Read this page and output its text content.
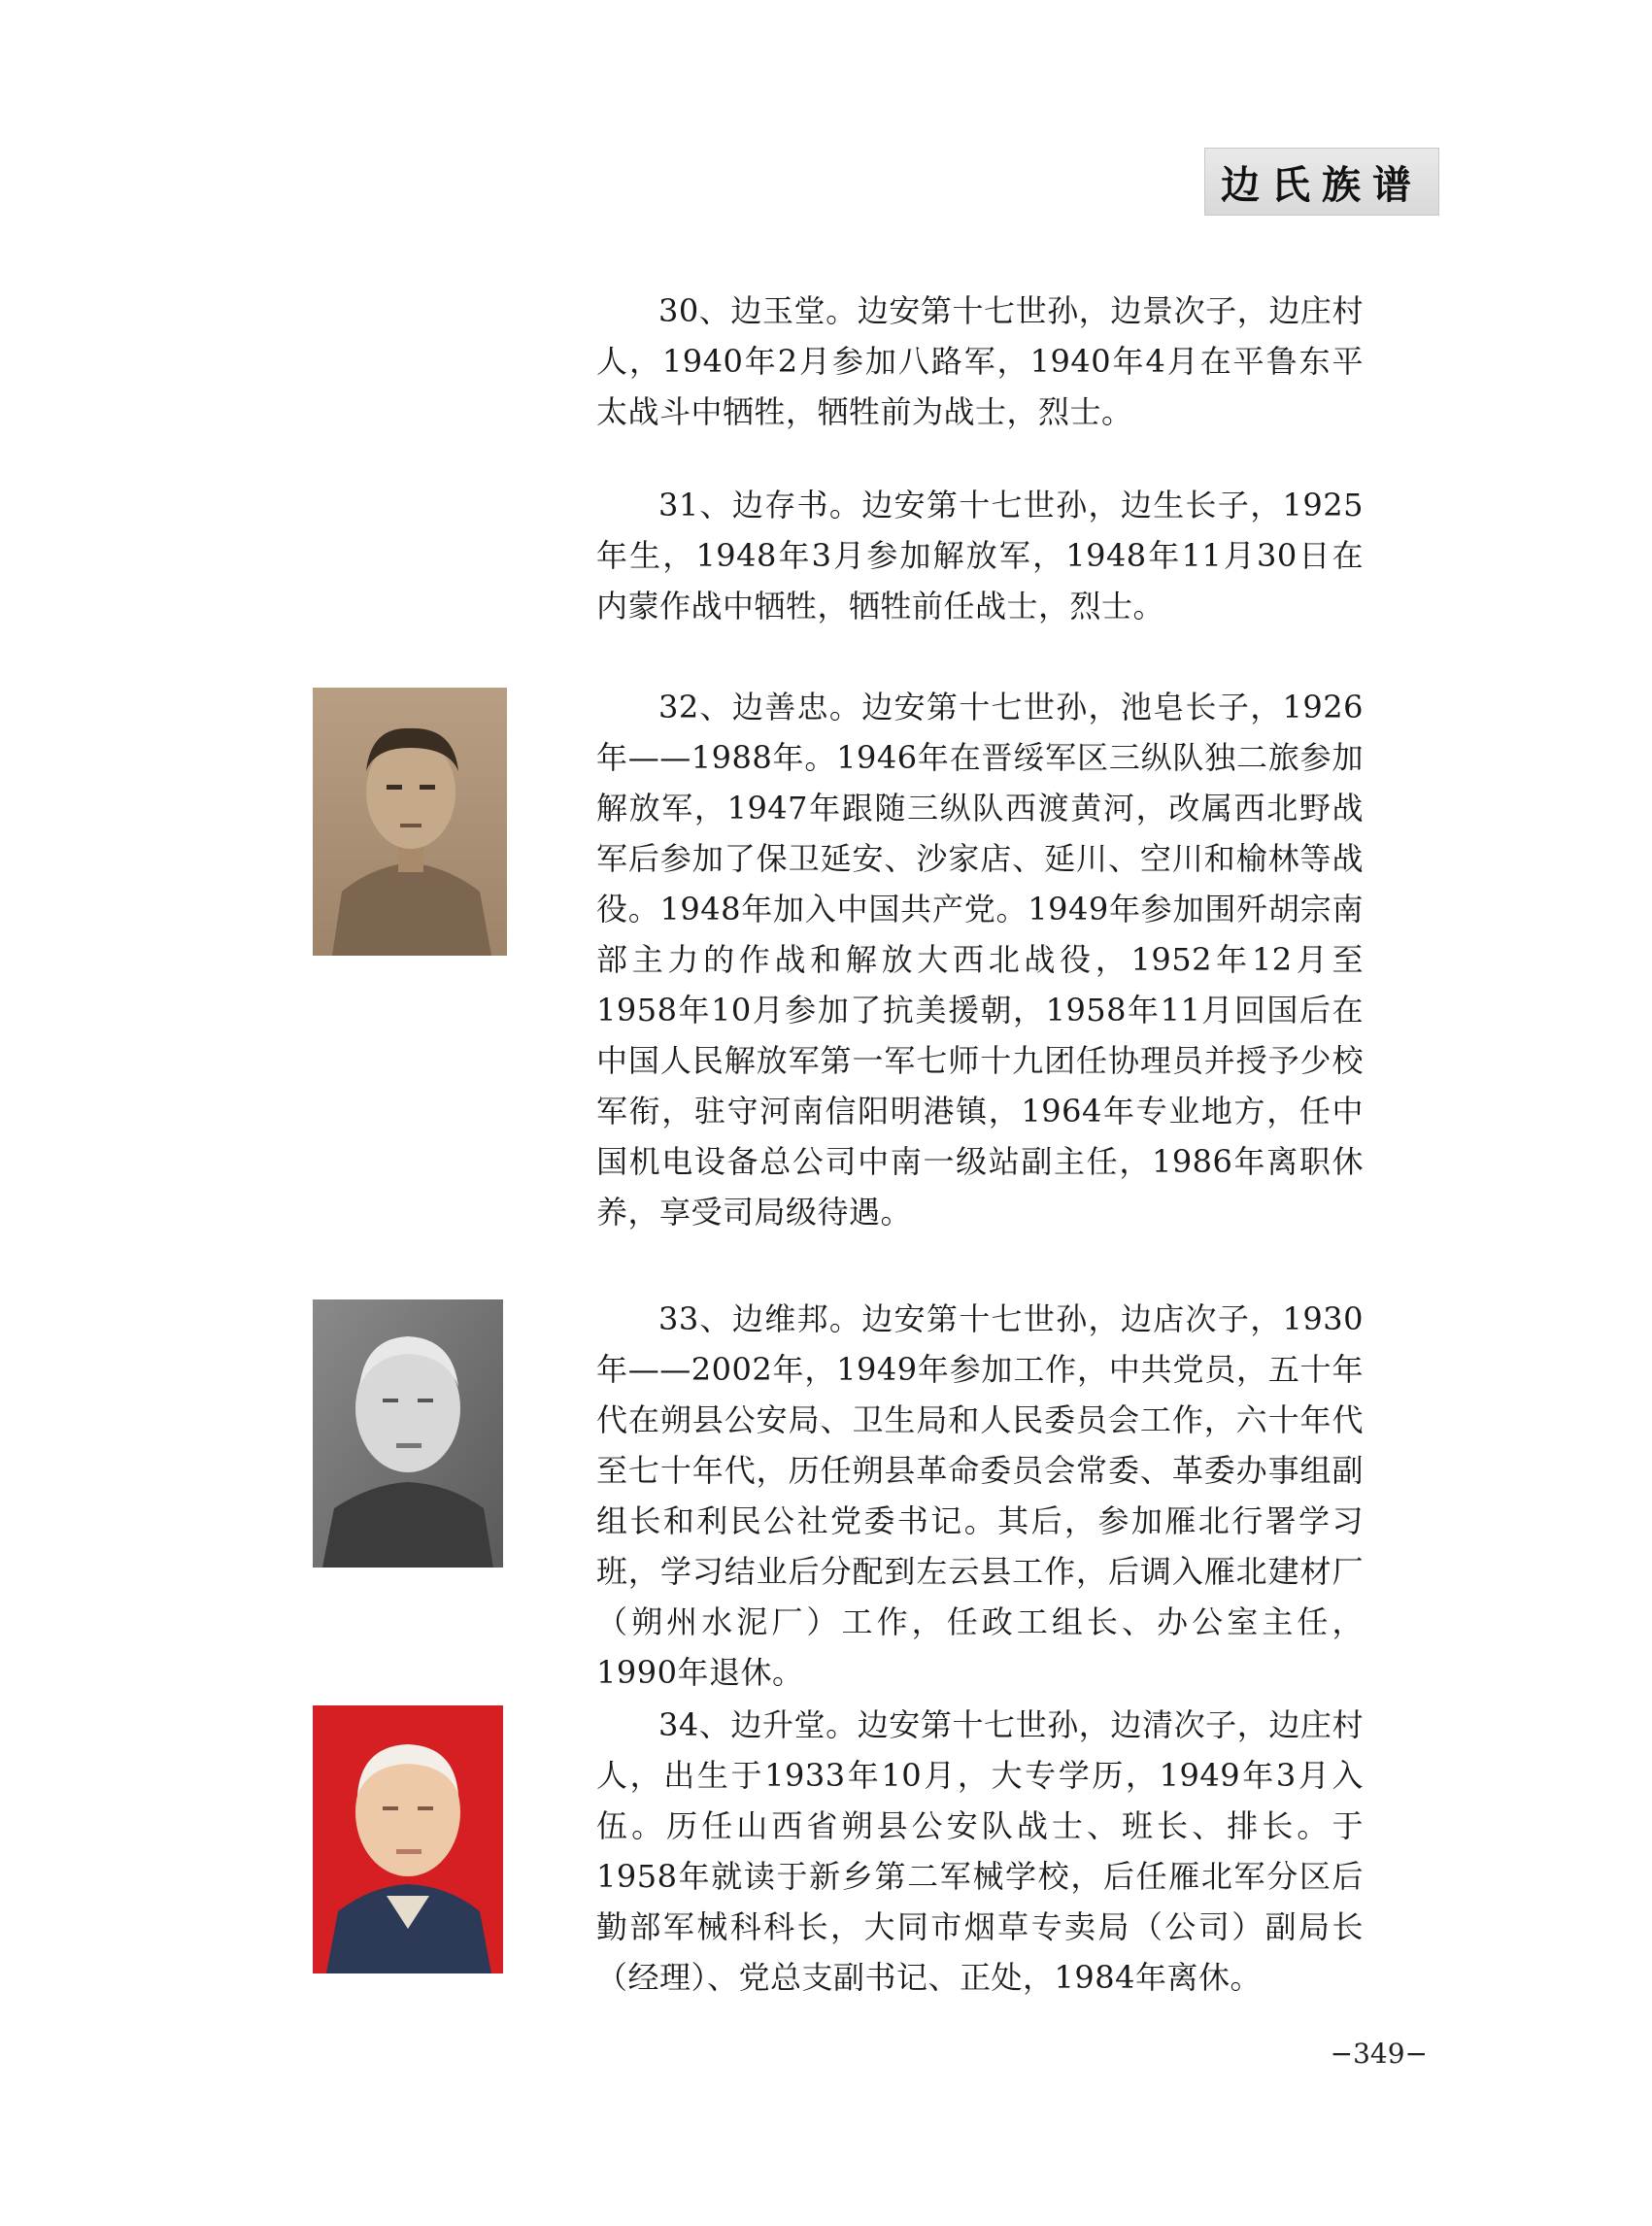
边氏族谱

30、边玉堂。边安第十七世孙，边景次子，边庄村人，1940年2月参加八路军，1940年4月在平鲁东平太战斗中牺牲，牺牲前为战士，烈士。

31、边存书。边安第十七世孙，边生长子，1925年生，1948年3月参加解放军，1948年11月30日在内蒙作战中牺牲，牺牲前任战士，烈士。

32、边善忠。边安第十七世孙，池皂长子，1926年——1988年。1946年在晋绥军区三纵队独二旅参加解放军，1947年跟随三纵队西渡黄河，改属西北野战军后参加了保卫延安、沙家店、延川、空川和榆林等战役。1948年加入中国共产党。1949年参加围歼胡宗南部主力的作战和解放大西北战役，1952年12月至1958年10月参加了抗美援朝，1958年11月回国后在中国人民解放军第一军七师十九团任协理员并授予少校军衔，驻守河南信阳明港镇，1964年专业地方，任中国机电设备总公司中南一级站副主任，1986年离职休养，享受司局级待遇。

33、边维邦。边安第十七世孙，边店次子，1930年——2002年，1949年参加工作，中共党员，五十年代在朔县公安局、卫生局和人民委员会工作，六十年代至七十年代，历任朔县革命委员会常委、革委办事组副组长和利民公社党委书记。其后，参加雁北行署学习班，学习结业后分配到左云县工作，后调入雁北建材厂（朔州水泥厂）工作，任政工组长、办公室主任，1990年退休。

34、边升堂。边安第十七世孙，边清次子，边庄村人，出生于1933年10月，大专学历，1949年3月入伍。历任山西省朔县公安队战士、班长、排长。于1958年就读于新乡第二军械学校，后任雁北军分区后勤部军械科科长，大同市烟草专卖局（公司）副局长（经理）、党总支副书记、正处，1984年离休。

−349−
